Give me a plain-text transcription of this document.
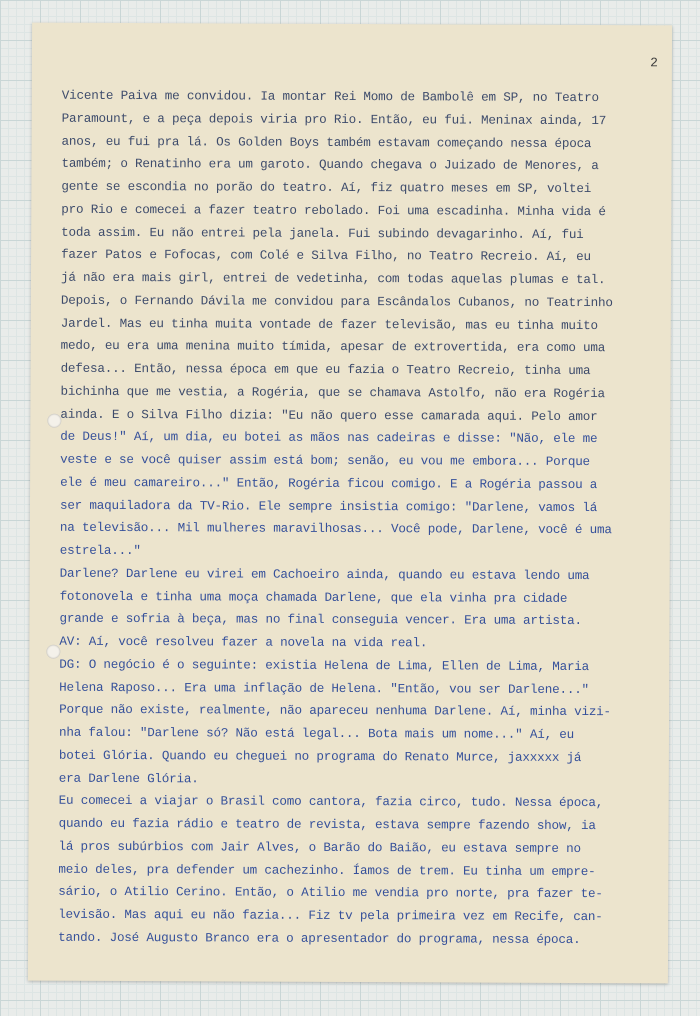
2
Vicente Paiva me convidou. Ia montar Rei Momo de Bambolê em SP, no Teatro
Paramount, e a peça depois viria pro Rio. Então, eu fui. Meninax ainda, 17
anos, eu fui pra lá. Os Golden Boys também estavam começando nessa época
também; o Renatinho era um garoto. Quando chegava o Juizado de Menores, a
gente se escondia no porão do teatro. Aí, fiz quatro meses em SP, voltei
pro Rio e comecei a fazer teatro rebolado. Foi uma escadinha. Minha vida é
toda assim. Eu não entrei pela janela. Fui subindo devagarinho. Aí, fui
fazer Patos e Fofocas, com Colé e Silva Filho, no Teatro Recreio. Aí, eu
já não era mais girl, entrei de vedetinha, com todas aquelas plumas e tal.
Depois, o Fernando Dávila me convidou para Escândalos Cubanos, no Teatrinho
Jardel. Mas eu tinha muita vontade de fazer televisão, mas eu tinha muito
medo, eu era uma menina muito tímida, apesar de extrovertida, era como uma
defesa... Então, nessa época em que eu fazia o Teatro Recreio, tinha uma
bichinha que me vestia, a Rogéria, que se chamava Astolfo, não era Rogéria
ainda. E o Silva Filho dizia: "Eu não quero esse camarada aqui. Pelo amor
de Deus!" Aí, um dia, eu botei as mãos nas cadeiras e disse: "Não, ele me
veste e se você quiser assim está bom; senão, eu vou me embora... Porque
ele é meu camareiro..." Então, Rogéria ficou comigo. E a Rogéria passou a
ser maquiladora da TV-Rio. Ele sempre insistia comigo: "Darlene, vamos lá
na televisão... Mil mulheres maravilhosas... Você pode, Darlene, você é uma
estrela..."
Darlene? Darlene eu virei em Cachoeiro ainda, quando eu estava lendo uma
fotonovela e tinha uma moça chamada Darlene, que ela vinha pra cidade
grande e sofria à beça, mas no final conseguia vencer. Era uma artista.
AV: Aí, você resolveu fazer a novela na vida real.
DG: O negócio é o seguinte: existia Helena de Lima, Ellen de Lima, Maria
Helena Raposo... Era uma inflação de Helena. "Então, vou ser Darlene..."
Porque não existe, realmente, não apareceu nenhuma Darlene. Aí, minha vizi-
nha falou: "Darlene só? Não está legal... Bota mais um nome..." Aí, eu
botei Glória. Quando eu cheguei no programa do Renato Murce, jaxxxxx já
era Darlene Glória.
Eu comecei a viajar o Brasil como cantora, fazia circo, tudo. Nessa época,
quando eu fazia rádio e teatro de revista, estava sempre fazendo show, ia
lá pros subúrbios com Jair Alves, o Barão do Baião, eu estava sempre no
meio deles, pra defender um cachezinho. Íamos de trem. Eu tinha um empre-
sário, o Atilio Cerino. Então, o Atilio me vendia pro norte, pra fazer te-
levisão. Mas aqui eu não fazia... Fiz tv pela primeira vez em Recife, can-
tando. José Augusto Branco era o apresentador do programa, nessa época.
